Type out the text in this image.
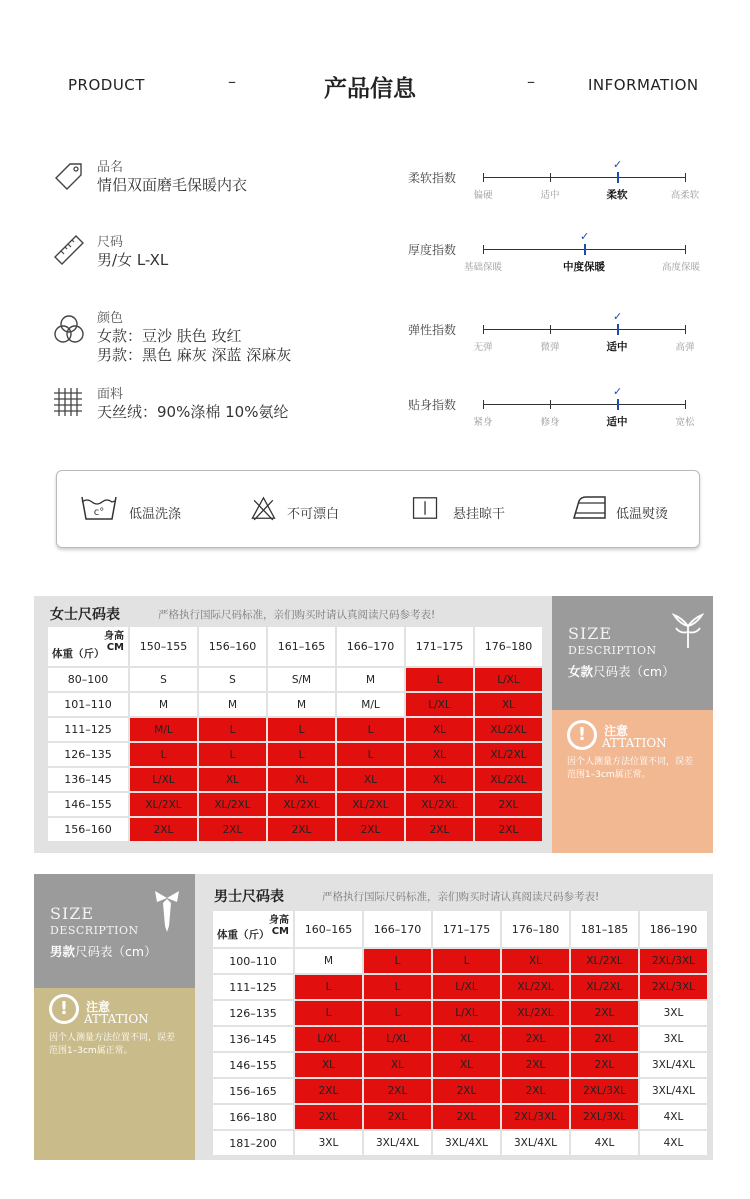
PRODUCT	–	产品信息	–	INFORMATION
品名
情侣双面磨毛保暖内衣
尺码
男/女 L-XL
颜色
女款：豆沙 肤色 玫红
男款：黑色 麻灰 深蓝 深麻灰
面料
天丝绒：90%涤棉 10%氨纶
柔软指数
✓
偏硬	适中	柔软	高柔软
厚度指数
✓
基础保暖	中度保暖	高度保暖
弹性指数
✓
无弹	微弹	适中	高弹
贴身指数
✓
紧身	修身	适中	宽松
c° 低温洗涤	不可漂白	悬挂晾干	低温熨烫
女士尺码表	严格执行国际尺码标准，亲们购买时请认真阅读尺码参考表!
身高
CM
体重（斤）	150–155	156–160	161–165	166–170	171–175	176–180
80–100	S	S	S/M	M	L	L/XL
101–110	M	M	M	M/L	L/XL	XL
111–125	M/L	L	L	L	XL	XL/2XL
126–135	L	L	L	L	XL	XL/2XL
136–145	L/XL	XL	XL	XL	XL	XL/2XL
146–155	XL/2XL	XL/2XL	XL/2XL	XL/2XL	XL/2XL	2XL
156–160	2XL	2XL	2XL	2XL	2XL	2XL
SIZE
DESCRIPTION
女款尺码表（cm）
!	注意
ATTATION
因个人测量方法位置不同，误差范围1–3cm属正常。
SIZE
DESCRIPTION
男款尺码表（cm）
!	注意
ATTATION
因个人测量方法位置不同，误差范围1–3cm属正常。
男士尺码表	严格执行国际尺码标准，亲们购买时请认真阅读尺码参考表!
身高
CM
体重（斤）	160–165	166–170	171–175	176–180	181–185	186–190
100–110	M	L	L	XL	XL/2XL	2XL/3XL
111–125	L	L	L/XL	XL/2XL	XL/2XL	2XL/3XL
126–135	L	L	L/XL	XL/2XL	2XL	3XL
136–145	L/XL	L/XL	XL	2XL	2XL	3XL
146–155	XL	XL	XL	2XL	2XL	3XL/4XL
156–165	2XL	2XL	2XL	2XL	2XL/3XL	3XL/4XL
166–180	2XL	2XL	2XL	2XL/3XL	2XL/3XL	4XL
181–200	3XL	3XL/4XL	3XL/4XL	3XL/4XL	4XL	4XL
